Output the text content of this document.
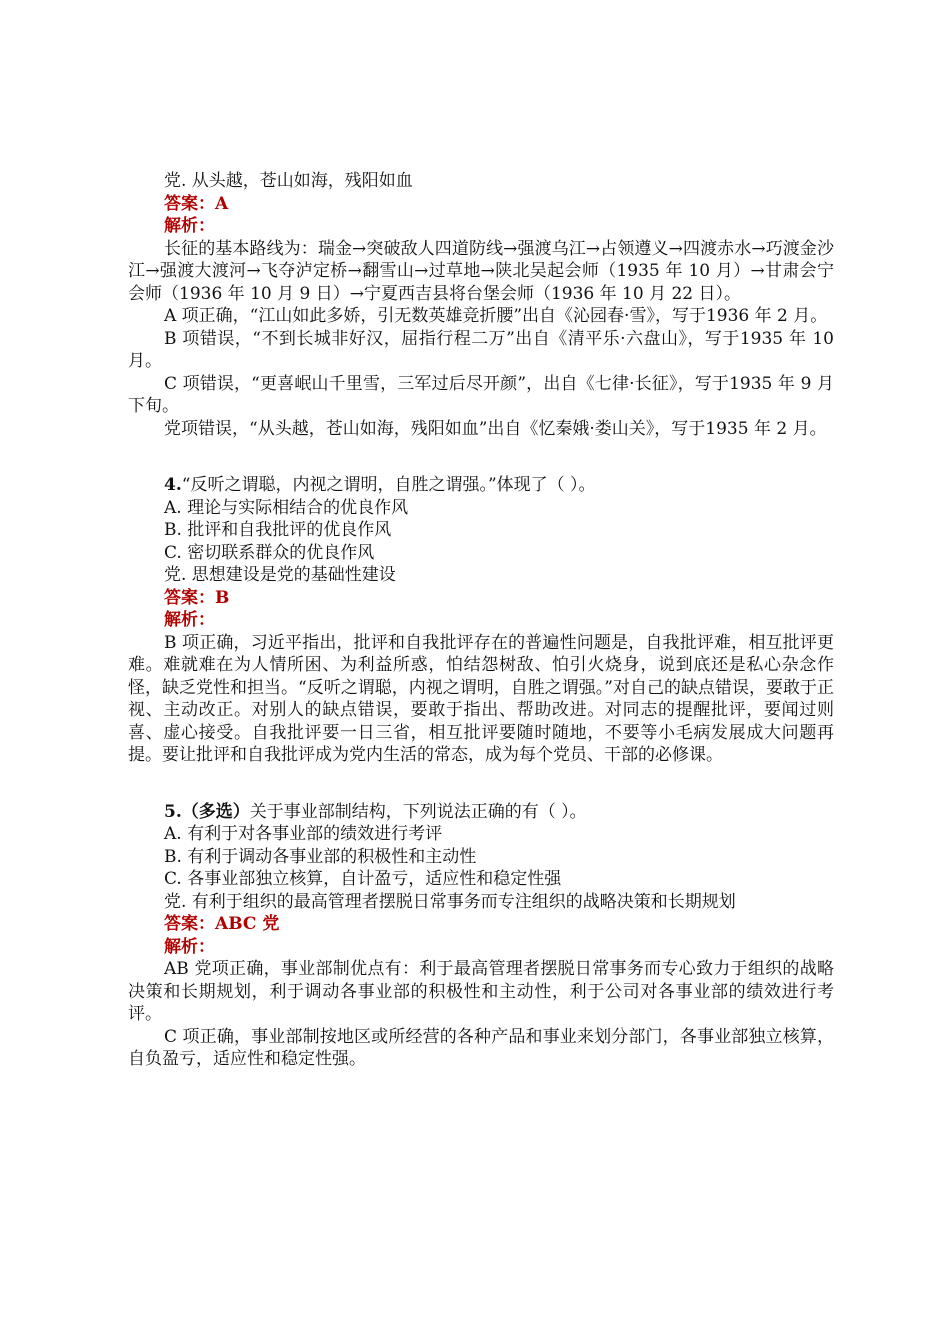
党. 从头越，苍山如海，残阳如血

答案：A

解析：

长征的基本路线为：瑞金→突破敌人四道防线→强渡乌江→占领遵义→四渡赤水→巧渡金沙江→强渡大渡河→飞夺泸定桥→翻雪山→过草地→陕北吴起会师（1935 年 10 月）→甘肃会宁会师（1936 年 10 月 9 日）→宁夏西吉县将台堡会师（1936 年 10 月 22 日）。

A 项正确，“江山如此多娇，引无数英雄竞折腰”出自《沁园春·雪》，写于1936 年 2 月。

B 项错误，“不到长城非好汉，屈指行程二万”出自《清平乐·六盘山》，写于1935 年 10 月。

C 项错误，“更喜岷山千里雪，三军过后尽开颜”，出自《七律·长征》，写于1935 年 9 月下旬。

党项错误，“从头越，苍山如海，残阳如血”出自《忆秦娥·娄山关》，写于1935 年 2 月。

4.“反听之谓聪，内视之谓明，自胜之谓强。”体现了（ ）。

A. 理论与实际相结合的优良作风

B. 批评和自我批评的优良作风

C. 密切联系群众的优良作风

党. 思想建设是党的基础性建设

答案：B

解析：

B 项正确，习近平指出，批评和自我批评存在的普遍性问题是，自我批评难，相互批评更难。难就难在为人情所困、为利益所惑，怕结怨树敌、怕引火烧身，说到底还是私心杂念作怪，缺乏党性和担当。“反听之谓聪，内视之谓明，自胜之谓强。”对自己的缺点错误，要敢于正视、主动改正。对别人的缺点错误，要敢于指出、帮助改进。对同志的提醒批评，要闻过则喜、虚心接受。自我批评要一日三省，相互批评要随时随地，不要等小毛病发展成大问题再提。要让批评和自我批评成为党内生活的常态，成为每个党员、干部的必修课。

5.（多选）关于事业部制结构，下列说法正确的有（ ）。

A. 有利于对各事业部的绩效进行考评

B. 有利于调动各事业部的积极性和主动性

C. 各事业部独立核算，自计盈亏，适应性和稳定性强

党. 有利于组织的最高管理者摆脱日常事务而专注组织的战略决策和长期规划

答案：ABC 党

解析：

AB 党项正确，事业部制优点有：利于最高管理者摆脱日常事务而专心致力于组织的战略决策和长期规划，利于调动各事业部的积极性和主动性，利于公司对各事业部的绩效进行考评。

C 项正确，事业部制按地区或所经营的各种产品和事业来划分部门，各事业部独立核算，自负盈亏，适应性和稳定性强。
